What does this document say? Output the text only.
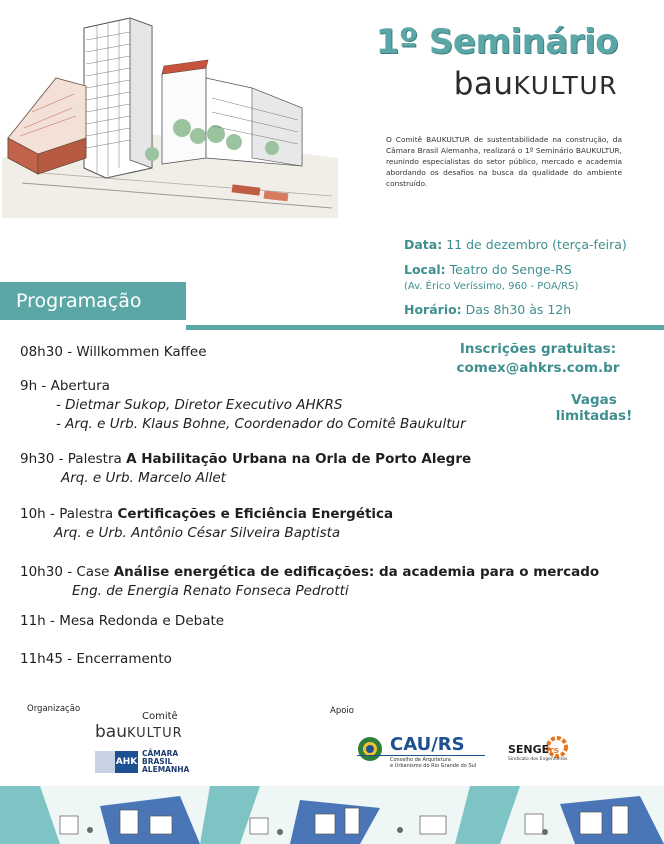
1º Seminário
bauKULTUR
O Comitê BAUKULTUR de sustentabilidade na construção, da Câmara Brasil Alemanha, realizará o 1º Seminário BAUKULTUR, reunindo especialistas do setor público, mercado e academia abordando os desafios na busca da qualidade do ambiente construído.
Data: 11 de dezembro (terça-feira)
Local: Teatro do Senge-RS
(Av. Érico Veríssimo, 960 - POA/RS)
Horário: Das 8h30 às 12h
Programação
Inscrições gratuitas:
comex@ahkrs.com.br
Vagas limitadas!
08h30 - Willkommen Kaffee
9h - Abertura
- Dietmar Sukop, Diretor Executivo AHKRS
- Arq. e Urb. Klaus Bohne, Coordenador do Comitê Baukultur
9h30 - Palestra A Habilitação Urbana na Orla de Porto Alegre
Arq. e Urb. Marcelo Allet
10h - Palestra Certificações e Eficiência Energética
Arq. e Urb. Antônio César Silveira Baptista
10h30 - Case Análise energética de edificações: da academia para o mercado
Eng. de Energia Renato Fonseca Pedrotti
11h - Mesa Redonda e Debate
11h45 - Encerramento
Organização
Comitê
bauKULTUR
AHK
CÂMARA
BRASIL
ALEMANHA
Apoio
CAU/RS
Conselho de Arquitetura
e Urbanismo do Rio Grande do Sul
SENGErs
Sindicato dos Engenheiros
